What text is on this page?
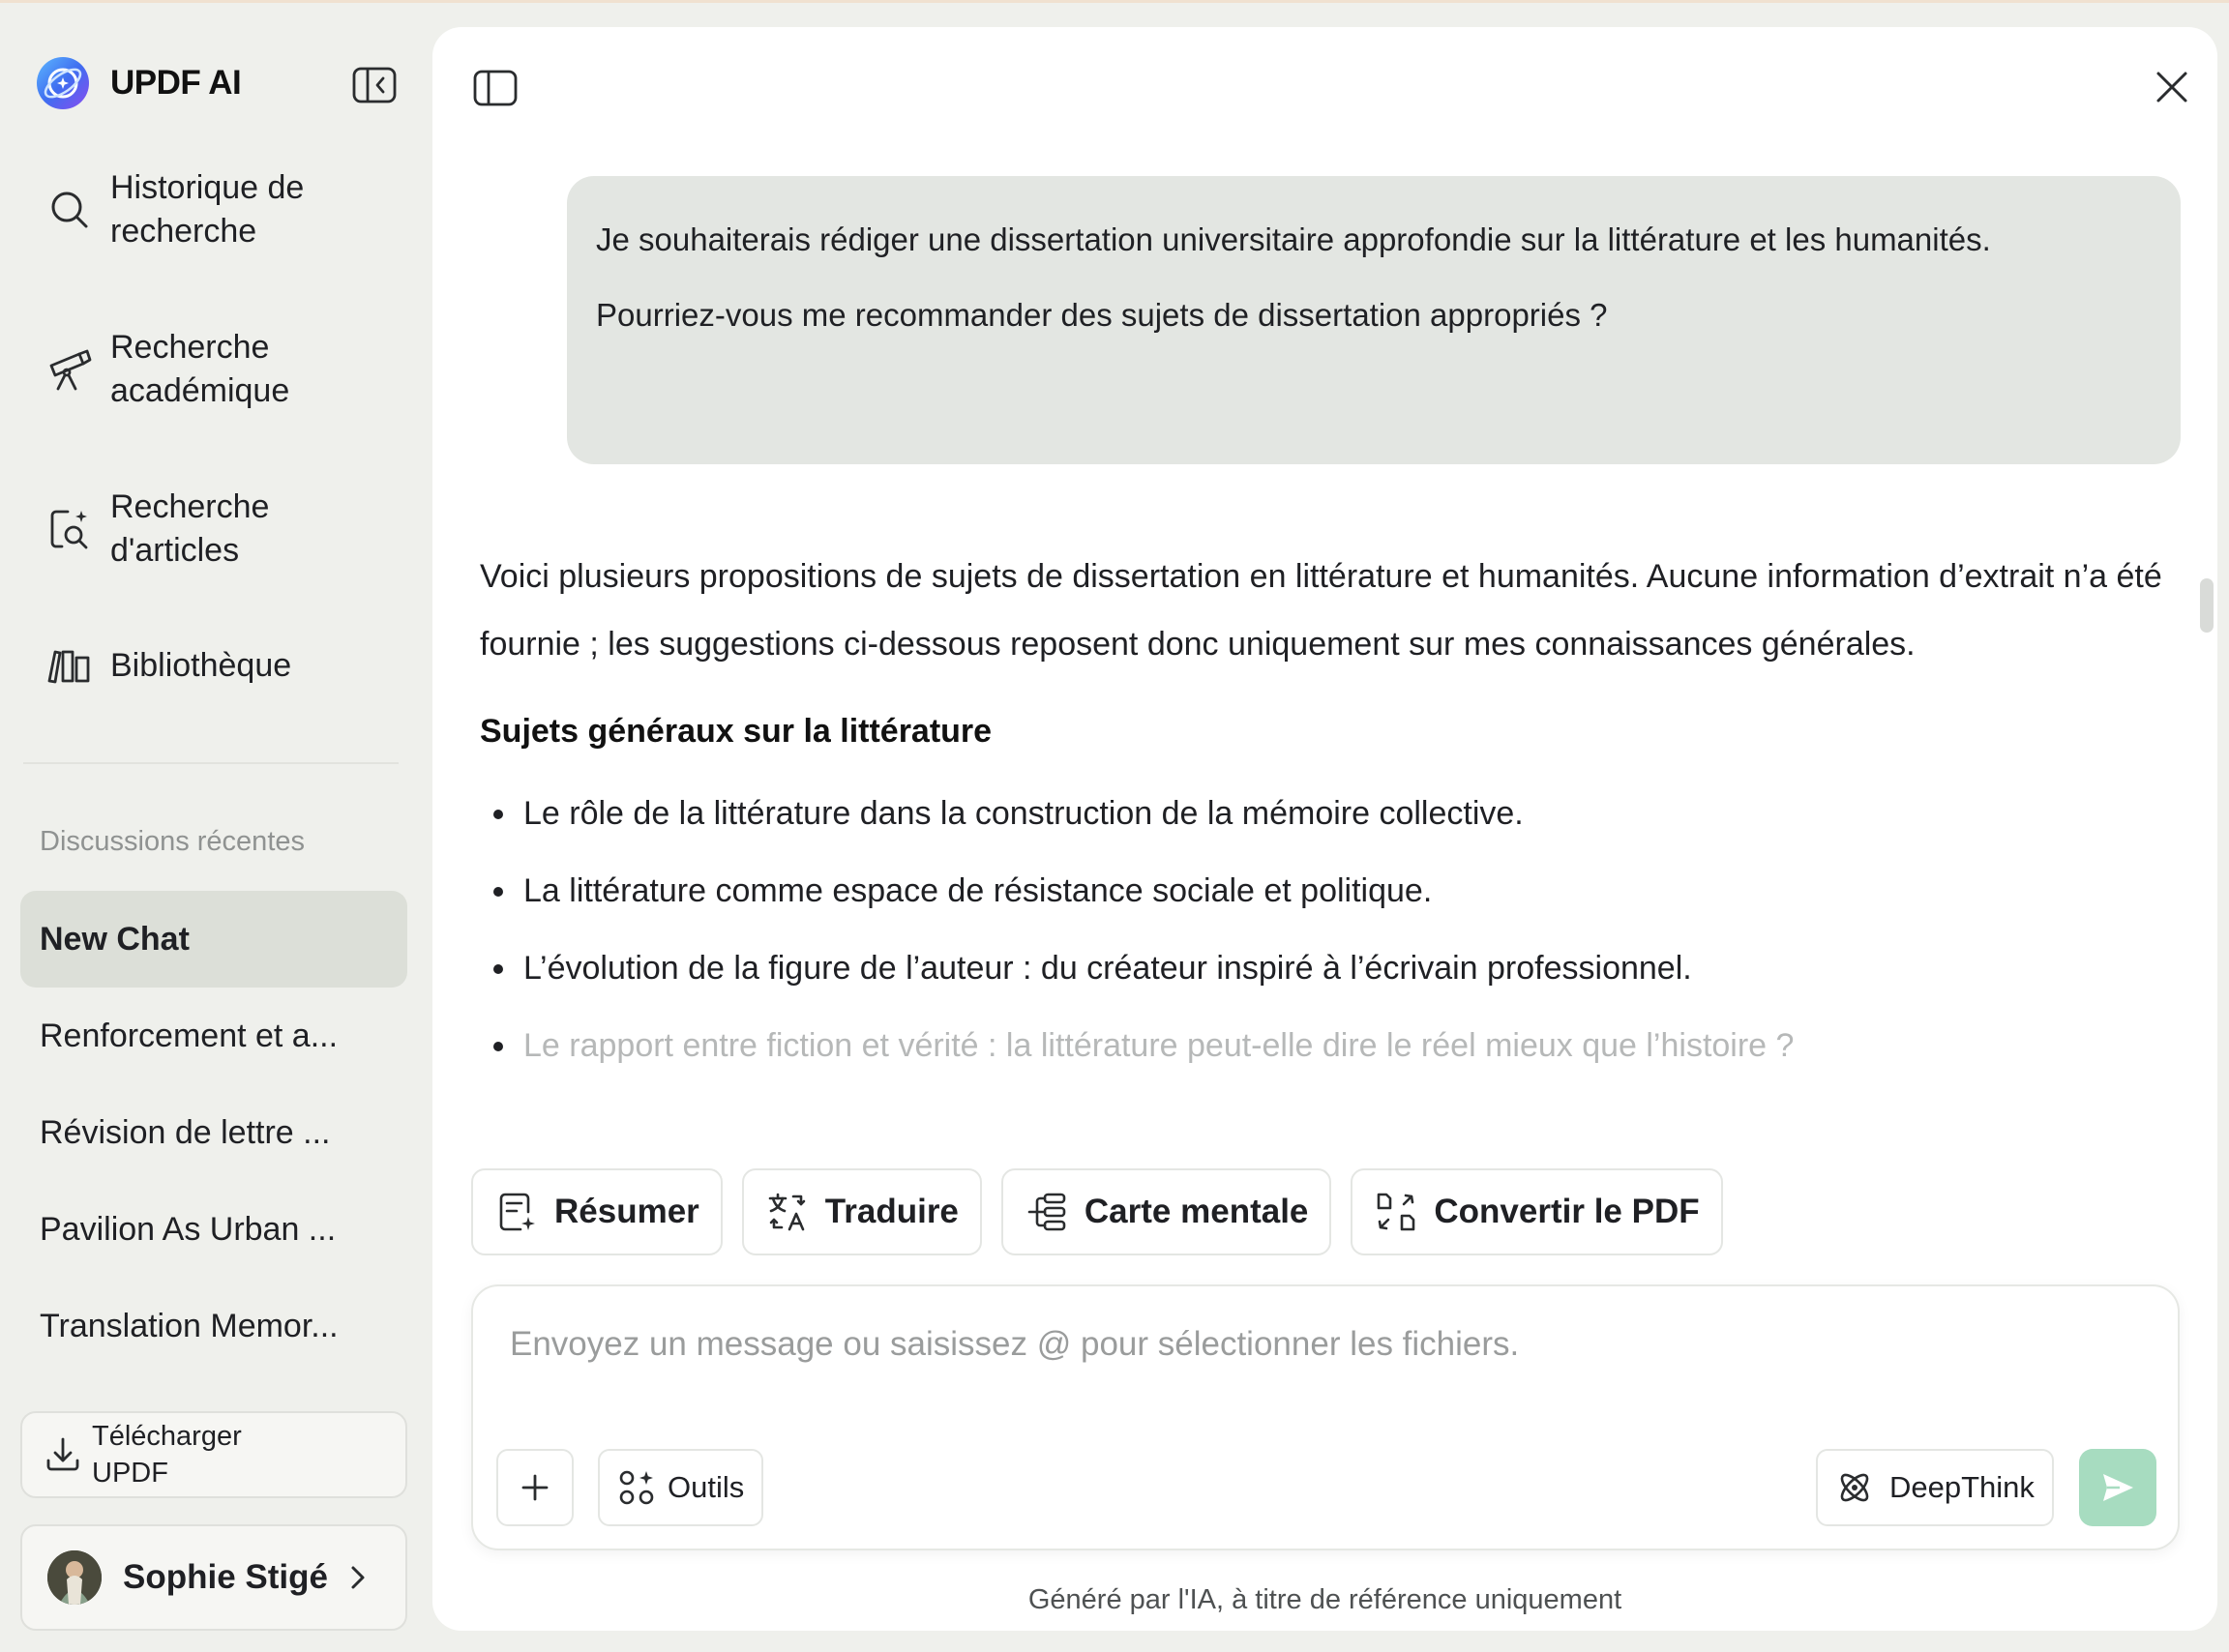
UPDF AI
Historique de
recherche
Recherche
académique
Recherche
d'articles
Bibliothèque
Discussions récentes
New Chat
Renforcement et a...
Révision de lettre ...
Pavilion As Urban ...
Translation Memor...
Télécharger
UPDF
Sophie Stigé

Je souhaiterais rédiger une dissertation universitaire approfondie sur la littérature et les humanités.

Pourriez-vous me recommander des sujets de dissertation appropriés ?

Voici plusieurs propositions de sujets de dissertation en littérature et humanités. Aucune information d’extrait n’a été fournie ; les suggestions ci-dessous reposent donc uniquement sur mes connaissances générales.

Sujets généraux sur la littérature

Le rôle de la littérature dans la construction de la mémoire collective.
La littérature comme espace de résistance sociale et politique.
L’évolution de la figure de l’auteur : du créateur inspiré à l’écrivain professionnel.
Le rapport entre fiction et vérité : la littérature peut-elle dire le réel mieux que l’histoire ?
Résumer	Traduire	Carte mentale	Convertir le PDF
Envoyez un message ou saisissez @ pour sélectionner les fichiers.
Outils	DeepThink
Généré par l'IA, à titre de référence uniquement
